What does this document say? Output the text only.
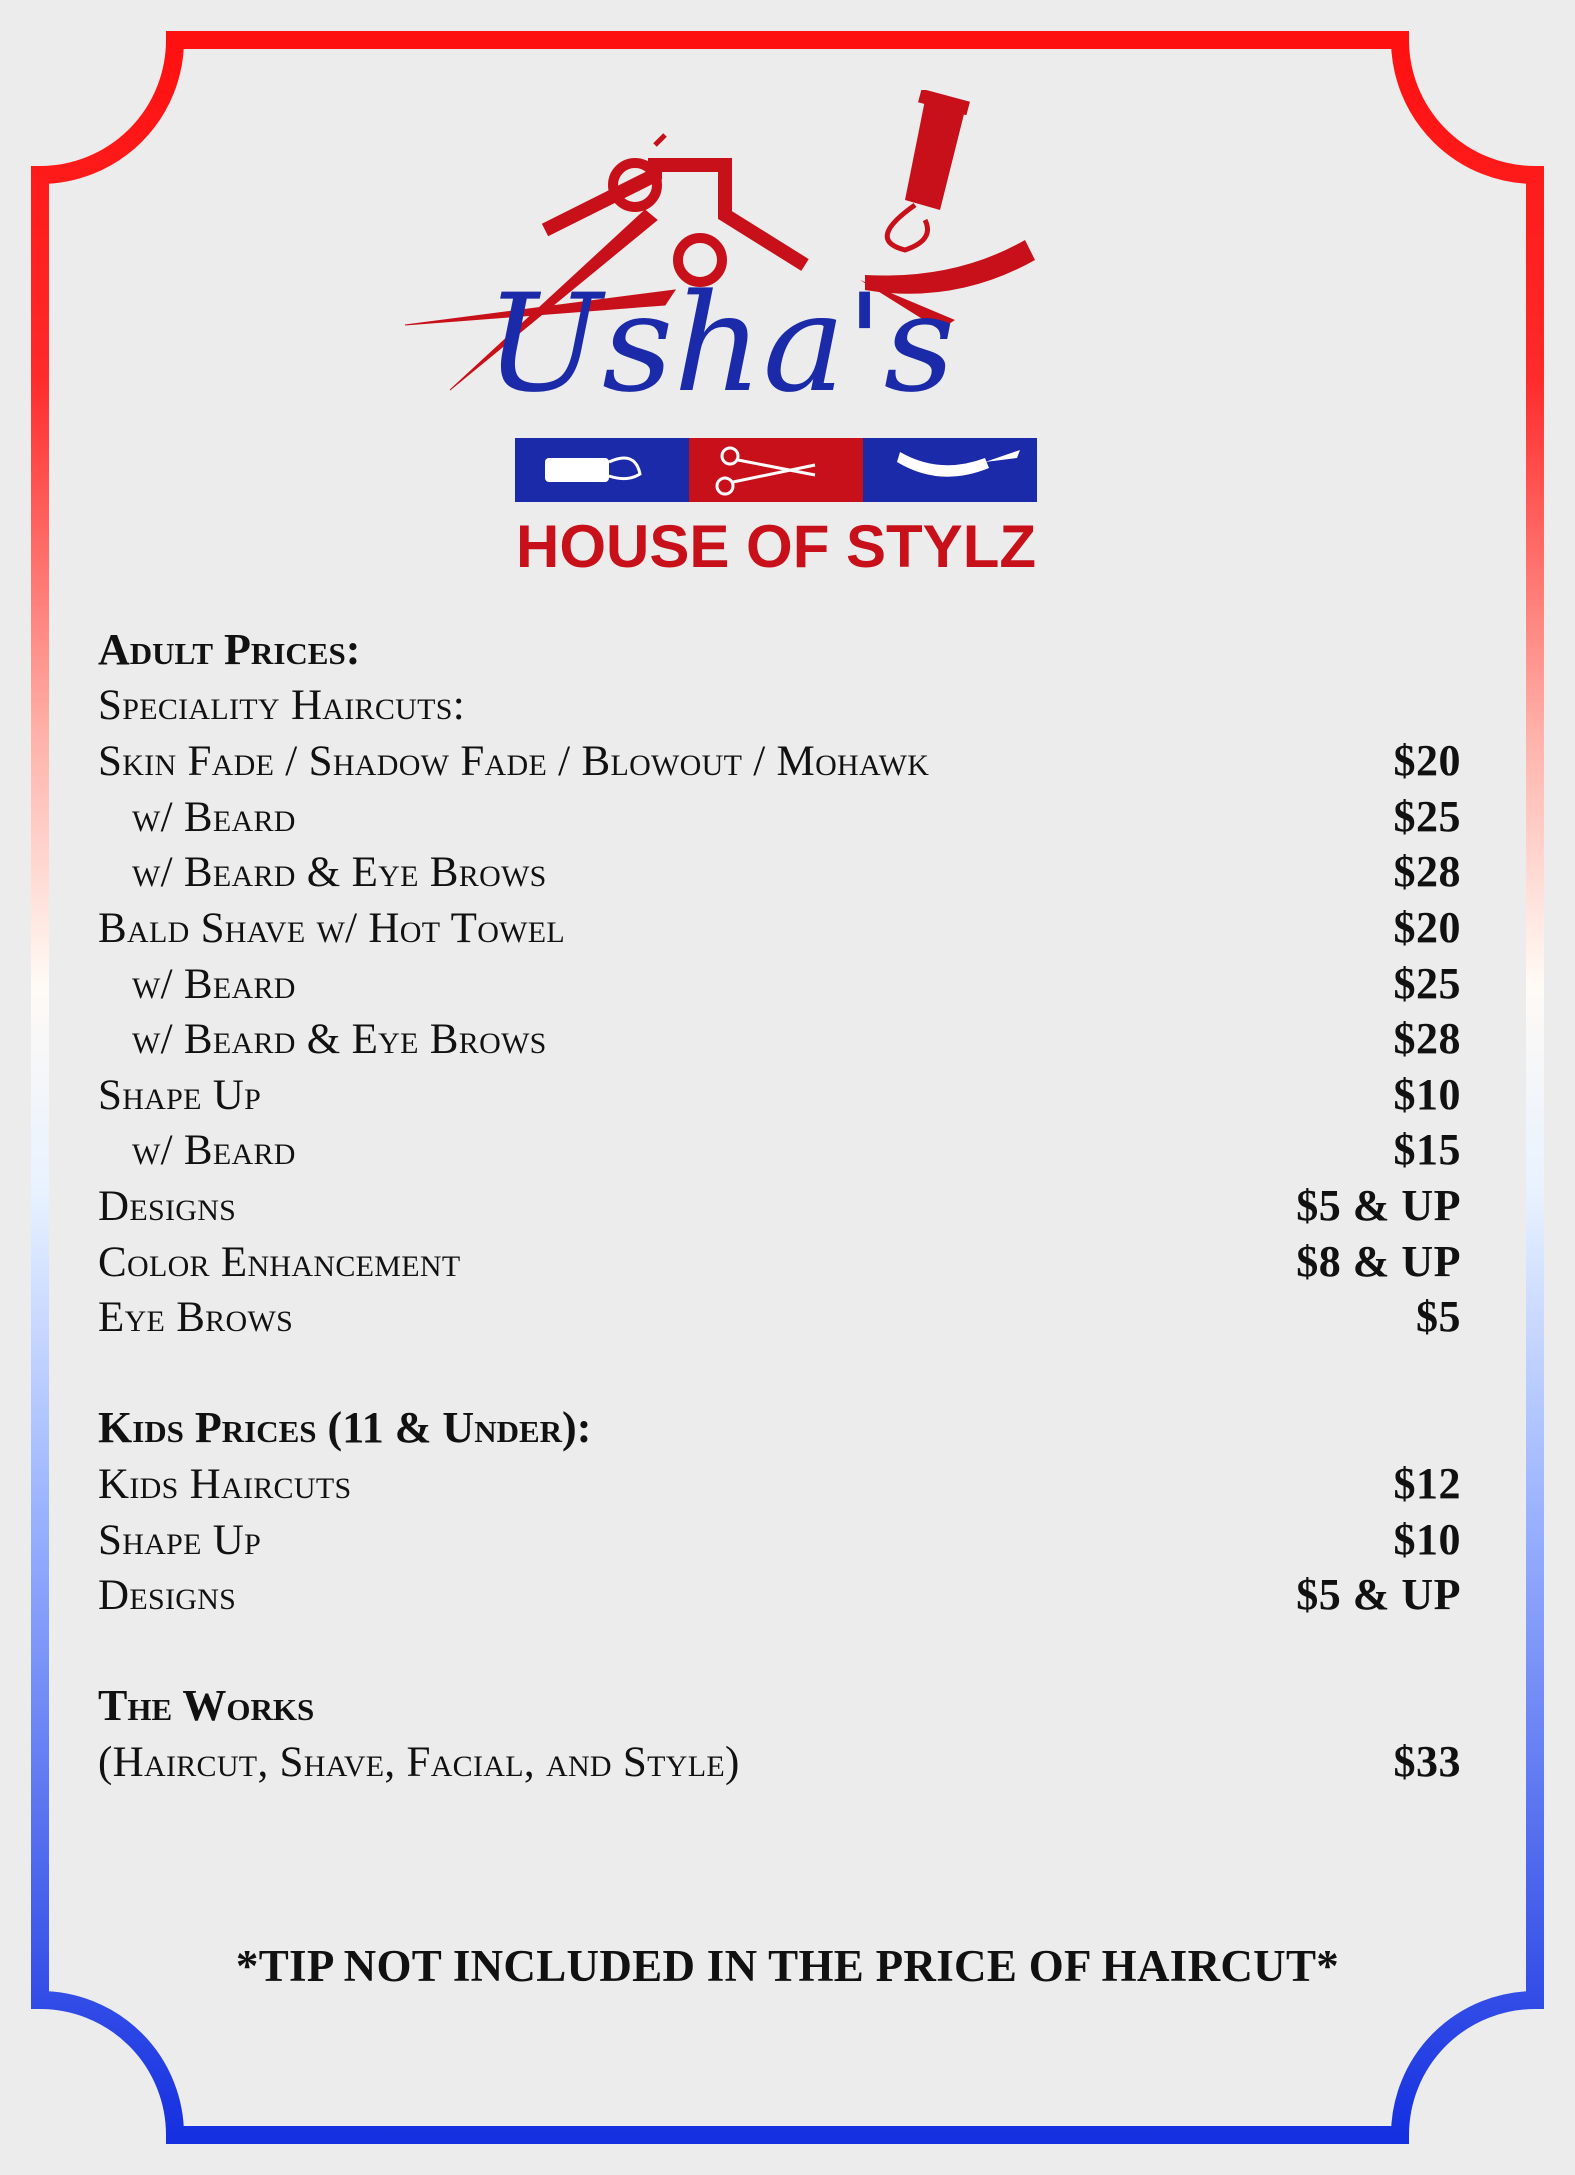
Usha's
HOUSE OF STYLZ
Adult Prices:
Speciality Haircuts:
Skin Fade / Shadow Fade / Blowout / Mohawk	$20
w/ Beard	$25
w/ Beard & Eye Brows	$28
Bald Shave w/ Hot Towel	$20
w/ Beard	$25
w/ Beard & Eye Brows	$28
Shape Up	$10
w/ Beard	$15
Designs	$5 & UP
Color Enhancement	$8 & UP
Eye Brows	$5
Kids Prices (11 & Under):
Kids Haircuts	$12
Shape Up	$10
Designs	$5 & UP
The Works
(Haircut, Shave, Facial, and Style)	$33
*TIP NOT INCLUDED IN THE PRICE OF HAIRCUT*
